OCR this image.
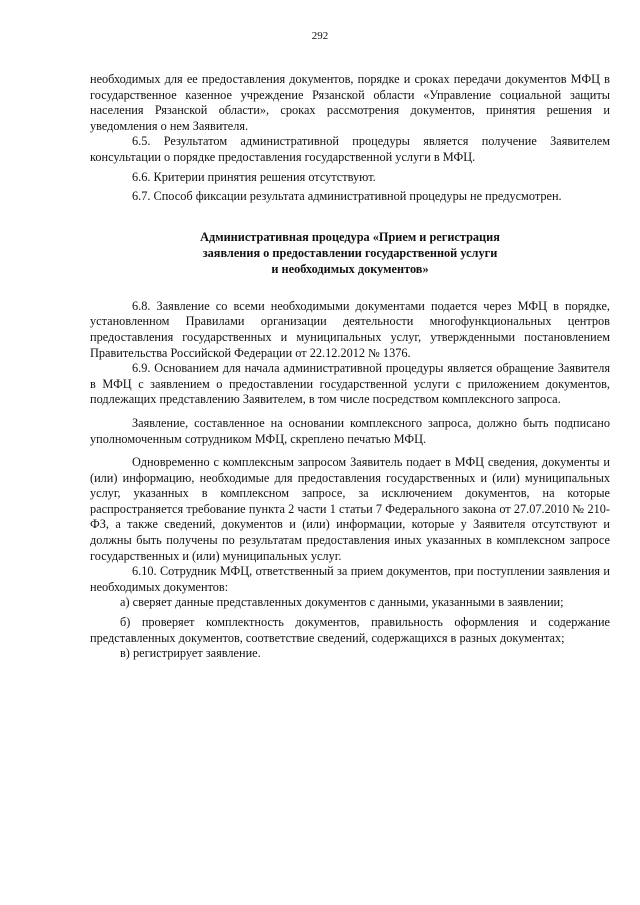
292

необходимых для ее предоставления документов, порядке и сроках передачи документов МФЦ в государственное казенное учреждение Рязанской области «Управление социальной защиты населения Рязанской области», сроках рассмотрения документов, принятия решения и уведомления о нем Заявителя.

6.5. Результатом административной процедуры является получение Заявителем консультации о порядке предоставления государственной услуги в МФЦ.

6.6. Критерии принятия решения отсутствуют.

6.7. Способ фиксации результата административной процедуры не предусмотрен.

Административная процедура «Прием и регистрация
заявления о предоставлении государственной услуги
и необходимых документов»

6.8. Заявление со всеми необходимыми документами подается через МФЦ в порядке, установленном Правилами организации деятельности многофункциональных центров предоставления государственных и муниципальных услуг, утвержденными постановлением Правительства Российской Федерации от 22.12.2012 № 1376.

6.9. Основанием для начала административной процедуры является обращение Заявителя в МФЦ с заявлением о предоставлении государственной услуги с приложением документов, подлежащих представлению Заявителем, в том числе посредством комплексного запроса.

Заявление, составленное на основании комплексного запроса, должно быть подписано уполномоченным сотрудником МФЦ, скреплено печатью МФЦ.

Одновременно с комплексным запросом Заявитель подает в МФЦ сведения, документы и (или) информацию, необходимые для предоставления государственных и (или) муниципальных услуг, указанных в комплексном запросе, за исключением документов, на которые распространяется требование пункта 2 части 1 статьи 7 Федерального закона от 27.07.2010 № 210-ФЗ, а также сведений, документов и (или) информации, которые у Заявителя отсутствуют и должны быть получены по результатам предоставления иных указанных в комплексном запросе государственных и (или) муниципальных услуг.

6.10. Сотрудник МФЦ, ответственный за прием документов, при поступлении заявления и необходимых документов:

а) сверяет данные представленных документов с данными, указанными в заявлении;

б) проверяет комплектность документов, правильность оформления и содержание представленных документов, соответствие сведений, содержащихся в разных документах;

в) регистрирует заявление.
